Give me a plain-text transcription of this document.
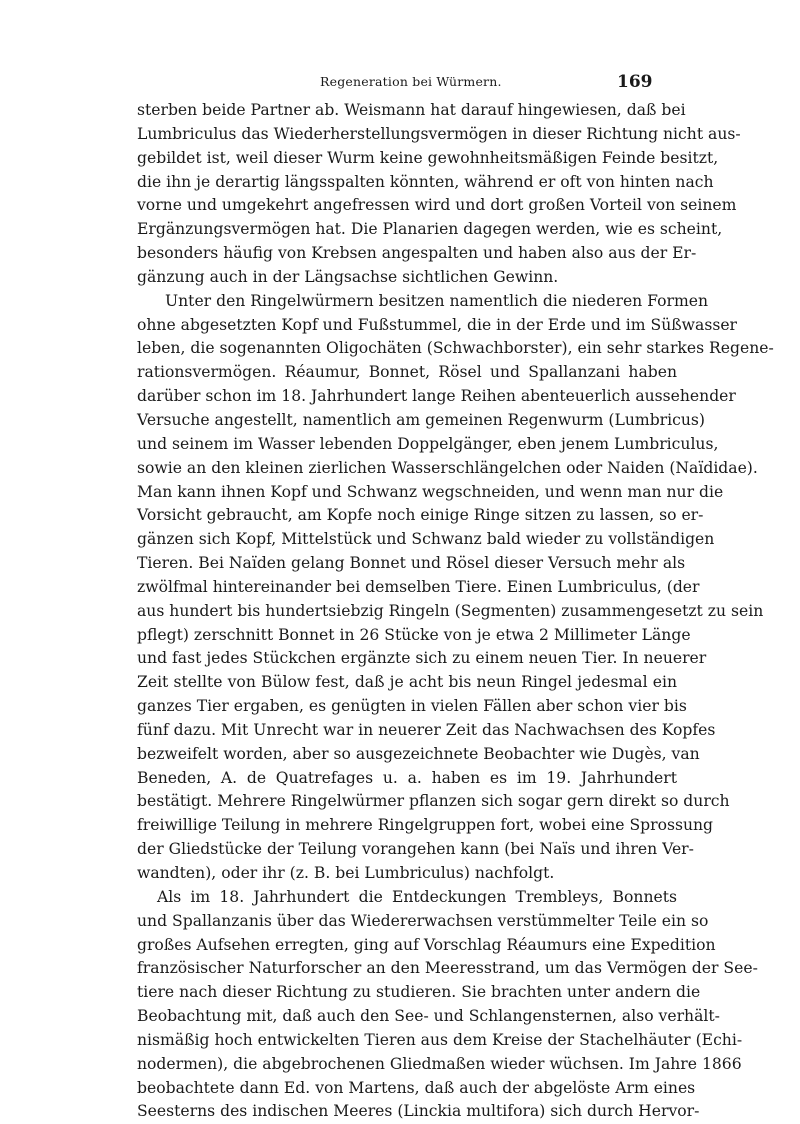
Regeneration bei Würmern.	169
sterben beide Partner ab. Weismann hat darauf hingewiesen, daß bei
Lumbriculus das Wiederherstellungsvermögen in dieser Richtung nicht aus-
gebildet ist, weil dieser Wurm keine gewohnheitsmäßigen Feinde besitzt,
die ihn je derartig längsspalten könnten, während er oft von hinten nach
vorne und umgekehrt angefressen wird und dort großen Vorteil von seinem
Ergänzungsvermögen hat. Die Planarien dagegen werden, wie es scheint,
besonders häufig von Krebsen angespalten und haben also aus der Er-
gänzung auch in der Längsachse sichtlichen Gewinn.
Unter den Ringelwürmern besitzen namentlich die niederen Formen
ohne abgesetzten Kopf und Fußstummel, die in der Erde und im Süßwasser
leben, die sogenannten Oligochäten (Schwachborster), ein sehr starkes Regene-
rationsvermögen. Réaumur, Bonnet, Rösel und Spallanzani haben
darüber schon im 18. Jahrhundert lange Reihen abenteuerlich aussehender
Versuche angestellt, namentlich am gemeinen Regenwurm (Lumbricus)
und seinem im Wasser lebenden Doppelgänger, eben jenem Lumbriculus,
sowie an den kleinen zierlichen Wasserschlängelchen oder Naiden (Naïdidae).
Man kann ihnen Kopf und Schwanz wegschneiden, und wenn man nur die
Vorsicht gebraucht, am Kopfe noch einige Ringe sitzen zu lassen, so er-
gänzen sich Kopf, Mittelstück und Schwanz bald wieder zu vollständigen
Tieren. Bei Naïden gelang Bonnet und Rösel dieser Versuch mehr als
zwölfmal hintereinander bei demselben Tiere. Einen Lumbriculus, (der
aus hundert bis hundertsiebzig Ringeln (Segmenten) zusammengesetzt zu sein
pflegt) zerschnitt Bonnet in 26 Stücke von je etwa 2 Millimeter Länge
und fast jedes Stückchen ergänzte sich zu einem neuen Tier. In neuerer
Zeit stellte von Bülow fest, daß je acht bis neun Ringel jedesmal ein
ganzes Tier ergaben, es genügten in vielen Fällen aber schon vier bis
fünf dazu. Mit Unrecht war in neuerer Zeit das Nachwachsen des Kopfes
bezweifelt worden, aber so ausgezeichnete Beobachter wie Dugès, van
Beneden, A. de Quatrefages u. a. haben es im 19. Jahrhundert
bestätigt. Mehrere Ringelwürmer pflanzen sich sogar gern direkt so durch
freiwillige Teilung in mehrere Ringelgruppen fort, wobei eine Sprossung
der Gliedstücke der Teilung vorangehen kann (bei Naïs und ihren Ver-
wandten), oder ihr (z. B. bei Lumbriculus) nachfolgt.
Als im 18. Jahrhundert die Entdeckungen Trembleys, Bonnets
und Spallanzanis über das Wiedererwachsen verstümmelter Teile ein so
großes Aufsehen erregten, ging auf Vorschlag Réaumurs eine Expedition
französischer Naturforscher an den Meeresstrand, um das Vermögen der See-
tiere nach dieser Richtung zu studieren. Sie brachten unter andern die
Beobachtung mit, daß auch den See- und Schlangensternen, also verhält-
nismäßig hoch entwickelten Tieren aus dem Kreise der Stachelhäuter (Echi-
nodermen), die abgebrochenen Gliedmaßen wieder wüchsen. Im Jahre 1866
beobachtete dann Ed. von Martens, daß auch der abgelöste Arm eines
Seesterns des indischen Meeres (Linckia multifora) sich durch Hervor-
